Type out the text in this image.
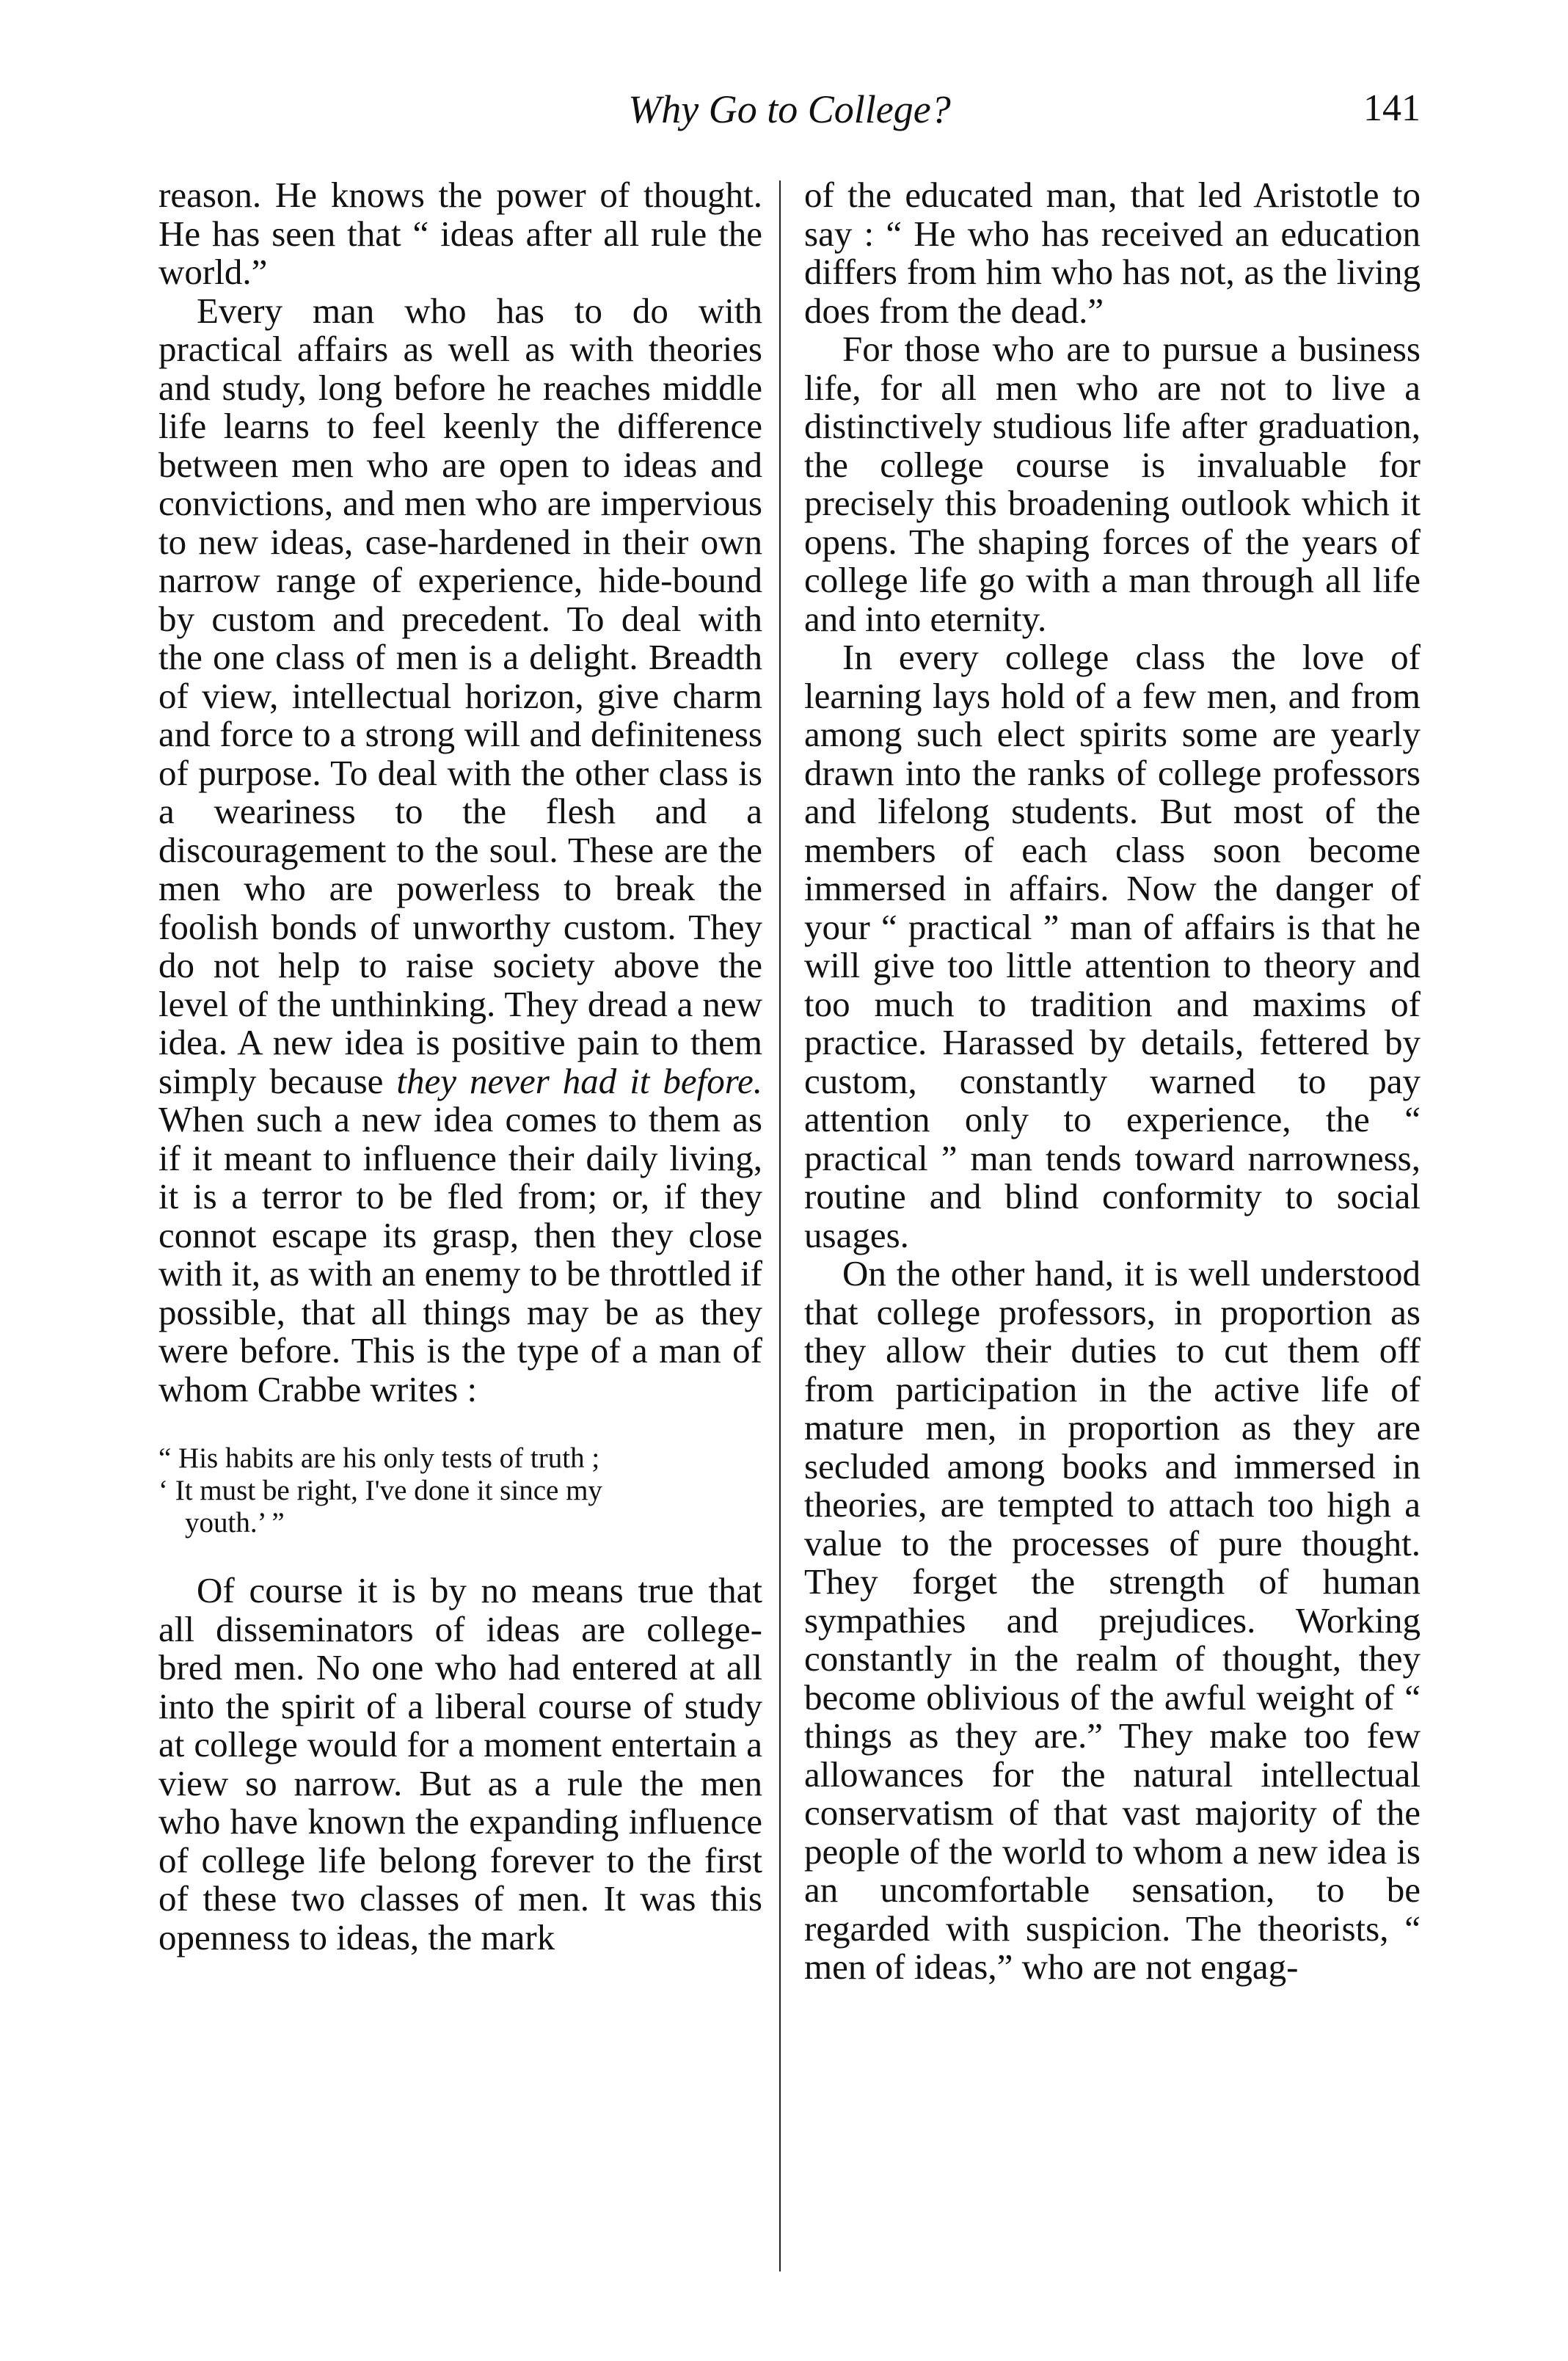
Why Go to College?	141

reason. He knows the power of thought. He has seen that “ ideas after all rule the world.”

Every man who has to do with practical affairs as well as with theories and study, long before he reaches middle life learns to feel keenly the difference between men who are open to ideas and convictions, and men who are impervious to new ideas, case-hardened in their own narrow range of experience, hide-bound by custom and precedent. To deal with the one class of men is a delight. Breadth of view, intellectual horizon, give charm and force to a strong will and definiteness of purpose. To deal with the other class is a weariness to the flesh and a discouragement to the soul. These are the men who are powerless to break the foolish bonds of unworthy custom. They do not help to raise society above the level of the unthinking. They dread a new idea. A new idea is positive pain to them simply because they never had it before. When such a new idea comes to them as if it meant to influence their daily living, it is a terror to be fled from; or, if they connot escape its grasp, then they close with it, as with an enemy to be throttled if possible, that all things may be as they were before. This is the type of a man of whom Crabbe writes :

“ His habits are his only tests of truth ;

‘ It must be right, I've done it since my

youth.’ ”

Of course it is by no means true that all disseminators of ideas are college-bred men. No one who had entered at all into the spirit of a liberal course of study at college would for a moment entertain a view so narrow. But as a rule the men who have known the expanding influence of college life belong forever to the first of these two classes of men. It was this openness to ideas, the mark

of the educated man, that led Aristotle to say : “ He who has received an education differs from him who has not, as the living does from the dead.”

For those who are to pursue a business life, for all men who are not to live a distinctively studious life after graduation, the college course is invaluable for precisely this broadening outlook which it opens. The shaping forces of the years of college life go with a man through all life and into eternity.

In every college class the love of learning lays hold of a few men, and from among such elect spirits some are yearly drawn into the ranks of college professors and lifelong students. But most of the members of each class soon become immersed in affairs. Now the danger of your “ practical ” man of affairs is that he will give too little attention to theory and too much to tradition and maxims of practice. Harassed by details, fettered by custom, constantly warned to pay attention only to experience, the “ practical ” man tends toward narrowness, routine and blind conformity to social usages.

On the other hand, it is well understood that college professors, in proportion as they allow their duties to cut them off from participation in the active life of mature men, in proportion as they are secluded among books and immersed in theories, are tempted to attach too high a value to the processes of pure thought. They forget the strength of human sympathies and prejudices. Working constantly in the realm of thought, they become oblivious of the awful weight of “ things as they are.” They make too few allowances for the natural intellectual conservatism of that vast majority of the people of the world to whom a new idea is an uncomfortable sensation, to be regarded with suspicion. The theorists, “ men of ideas,” who are not engag-
